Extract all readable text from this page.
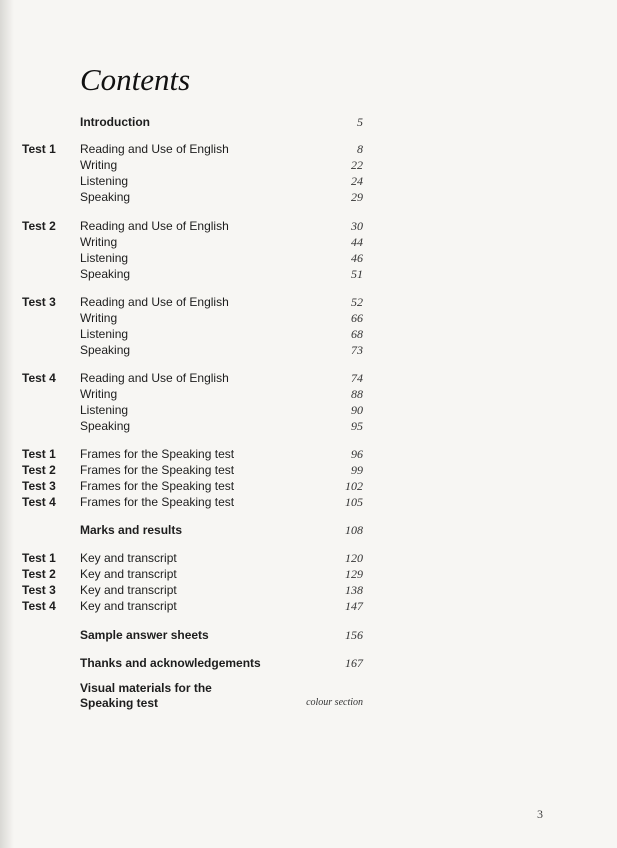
Contents
Introduction	5
Test 1 Reading and Use of English	8
Writing	22
Listening	24
Speaking	29
Test 2 Reading and Use of English	30
Writing	44
Listening	46
Speaking	51
Test 3 Reading and Use of English	52
Writing	66
Listening	68
Speaking	73
Test 4 Reading and Use of English	74
Writing	88
Listening	90
Speaking	95
Test 1 Frames for the Speaking test	96
Test 2 Frames for the Speaking test	99
Test 3 Frames for the Speaking test	102
Test 4 Frames for the Speaking test	105
Marks and results	108
Test 1 Key and transcript	120
Test 2 Key and transcript	129
Test 3 Key and transcript	138
Test 4 Key and transcript	147
Sample answer sheets	156
Thanks and acknowledgements	167
Visual materials for the
Speaking test	colour section
3
